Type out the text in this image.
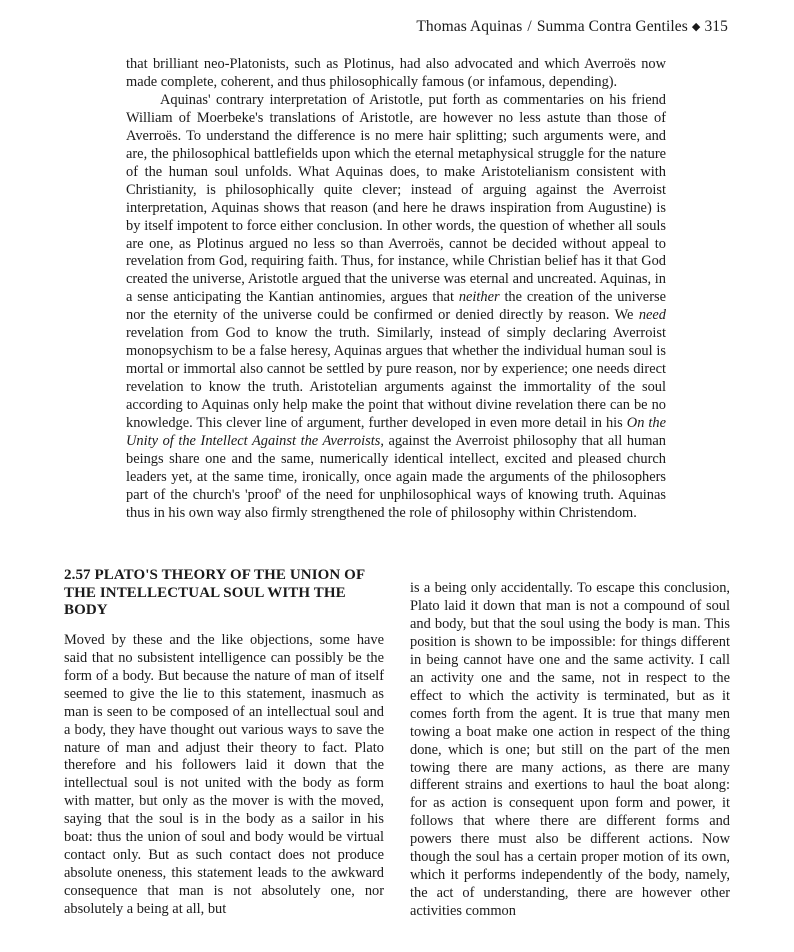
Thomas Aquinas / Summa Contra Gentiles ◆ 315

that brilliant neo-Platonists, such as Plotinus, had also advocated and which Averroës now made complete, coherent, and thus philosophically famous (or infamous, depending).

Aquinas' contrary interpretation of Aristotle, put forth as commentaries on his friend William of Moerbeke's translations of Aristotle, are however no less astute than those of Averroës. To understand the difference is no mere hair splitting; such arguments were, and are, the philosophical battlefields upon which the eternal metaphysical struggle for the nature of the human soul unfolds. What Aquinas does, to make Aristotelianism consistent with Christianity, is philosophically quite clever; instead of arguing against the Averroist interpretation, Aquinas shows that reason (and here he draws inspiration from Augustine) is by itself impotent to force either conclusion. In other words, the question of whether all souls are one, as Plotinus argued no less so than Averroës, cannot be decided without appeal to revelation from God, requiring faith. Thus, for instance, while Christian belief has it that God created the universe, Aristotle argued that the universe was eternal and uncreated. Aquinas, in a sense anticipating the Kantian antinomies, argues that neither the creation of the universe nor the eternity of the universe could be confirmed or denied directly by reason. We need revelation from God to know the truth. Similarly, instead of simply declaring Averroist monopsychism to be a false heresy, Aquinas argues that whether the individual human soul is mortal or immortal also cannot be settled by pure reason, nor by experience; one needs direct revelation to know the truth. Aristotelian arguments against the immortality of the soul according to Aquinas only help make the point that without divine revelation there can be no knowledge. This clever line of argument, further developed in even more detail in his On the Unity of the Intellect Against the Averroists, against the Averroist philosophy that all human beings share one and the same, numerically identical intellect, excited and pleased church leaders yet, at the same time, ironically, once again made the arguments of the philosophers part of the church's 'proof' of the need for unphilosophical ways of knowing truth. Aquinas thus in his own way also firmly strengthened the role of philosophy within Christendom.

2.57 PLATO'S THEORY OF THE UNION OF THE INTELLECTUAL SOUL WITH THE BODY

Moved by these and the like objections, some have said that no subsistent intelligence can possibly be the form of a body. But because the nature of man of itself seemed to give the lie to this statement, inasmuch as man is seen to be composed of an intellectual soul and a body, they have thought out various ways to save the nature of man and adjust their theory to fact. Plato therefore and his followers laid it down that the intellectual soul is not united with the body as form with matter, but only as the mover is with the moved, saying that the soul is in the body as a sailor in his boat: thus the union of soul and body would be virtual contact only. But as such contact does not produce absolute oneness, this statement leads to the awkward consequence that man is not absolutely one, nor absolutely a being at all, but

is a being only accidentally. To escape this conclusion, Plato laid it down that man is not a compound of soul and body, but that the soul using the body is man. This position is shown to be impossible: for things different in being cannot have one and the same activity. I call an activity one and the same, not in respect to the effect to which the activity is terminated, but as it comes forth from the agent. It is true that many men towing a boat make one action in respect of the thing done, which is one; but still on the part of the men towing there are many actions, as there are many different strains and exertions to haul the boat along: for as action is consequent upon form and power, it follows that where there are different forms and powers there must also be different actions. Now though the soul has a certain proper motion of its own, which it performs independently of the body, namely, the act of understanding, there are however other activities common
